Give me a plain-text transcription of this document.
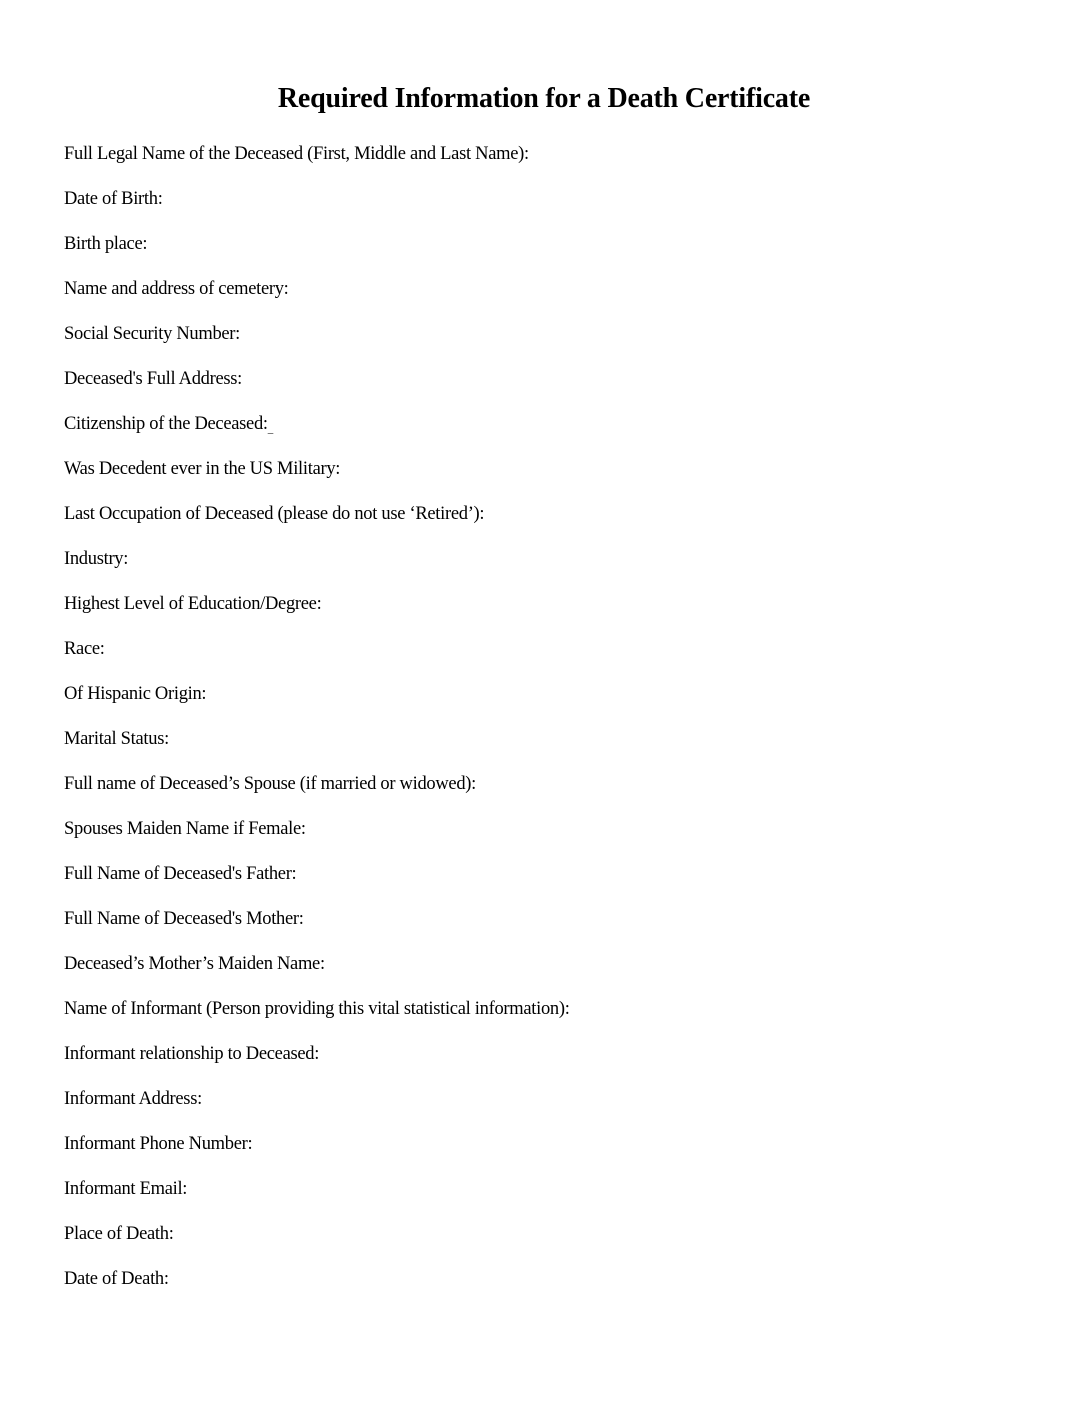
Required Information for a Death Certificate
Full Legal Name of the Deceased (First, Middle and Last Name):
Date of Birth:
Birth place:
Name and address of cemetery:
Social Security Number:
Deceased's Full Address:
Citizenship of the Deceased:_
Was Decedent ever in the US Military:
Last Occupation of Deceased (please do not use ‘Retired’):
Industry:
Highest Level of Education/Degree:
Race:
Of Hispanic Origin:
Marital Status:
Full name of Deceased’s Spouse (if married or widowed):
Spouses Maiden Name if Female:
Full Name of Deceased's Father:
Full Name of Deceased's Mother:
Deceased’s Mother’s Maiden Name:
Name of Informant (Person providing this vital statistical information):
Informant relationship to Deceased:
Informant Address:
Informant Phone Number:
Informant Email:
Place of Death:
Date of Death:
